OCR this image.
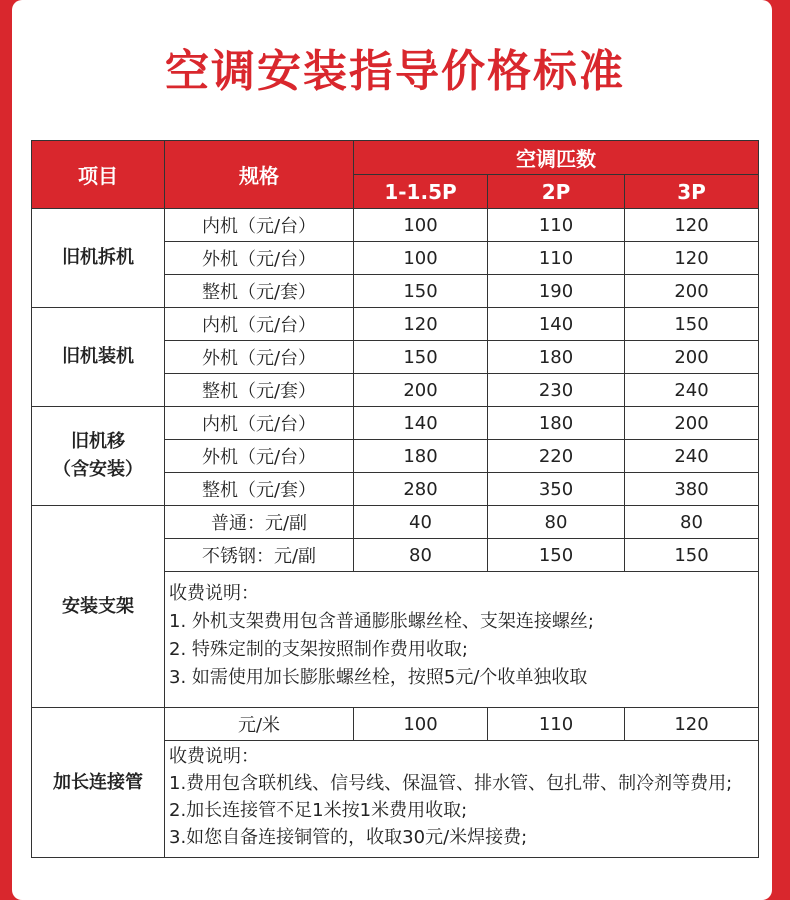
空调安装指导价格标准
项目	规格	空调匹数		
		1-1.5P	2P	3P
旧机拆机	内机（元/台）	100	110	120
	外机（元/台）	100	110	120
	整机（元/套）	150	190	200
旧机装机	内机（元/台）	120	140	150
	外机（元/台）	150	180	200
	整机（元/套）	200	230	240

旧机移
（含安装）	内机（元/台）	140	180	200
	外机（元/台）	180	220	240
	整机（元/套）	280	350	380
安装支架	普通：元/副	40	80	80
	不锈钢：元/副	80	150	150

	收费说明：
1. 外机支架费用包含普通膨胀螺丝栓、支架连接螺丝;
2. 特殊定制的支架按照制作费用收取;
3. 如需使用加长膨胀螺丝栓，按照5元/个收单独收取			

加长连接管	元/米	100	110	120

	收费说明：
1.费用包含联机线、信号线、保温管、排水管、包扎带、制冷剂等费用;
2.加长连接管不足1米按1米费用收取;
3.如您自备连接铜管的，收取30元/米焊接费;			
